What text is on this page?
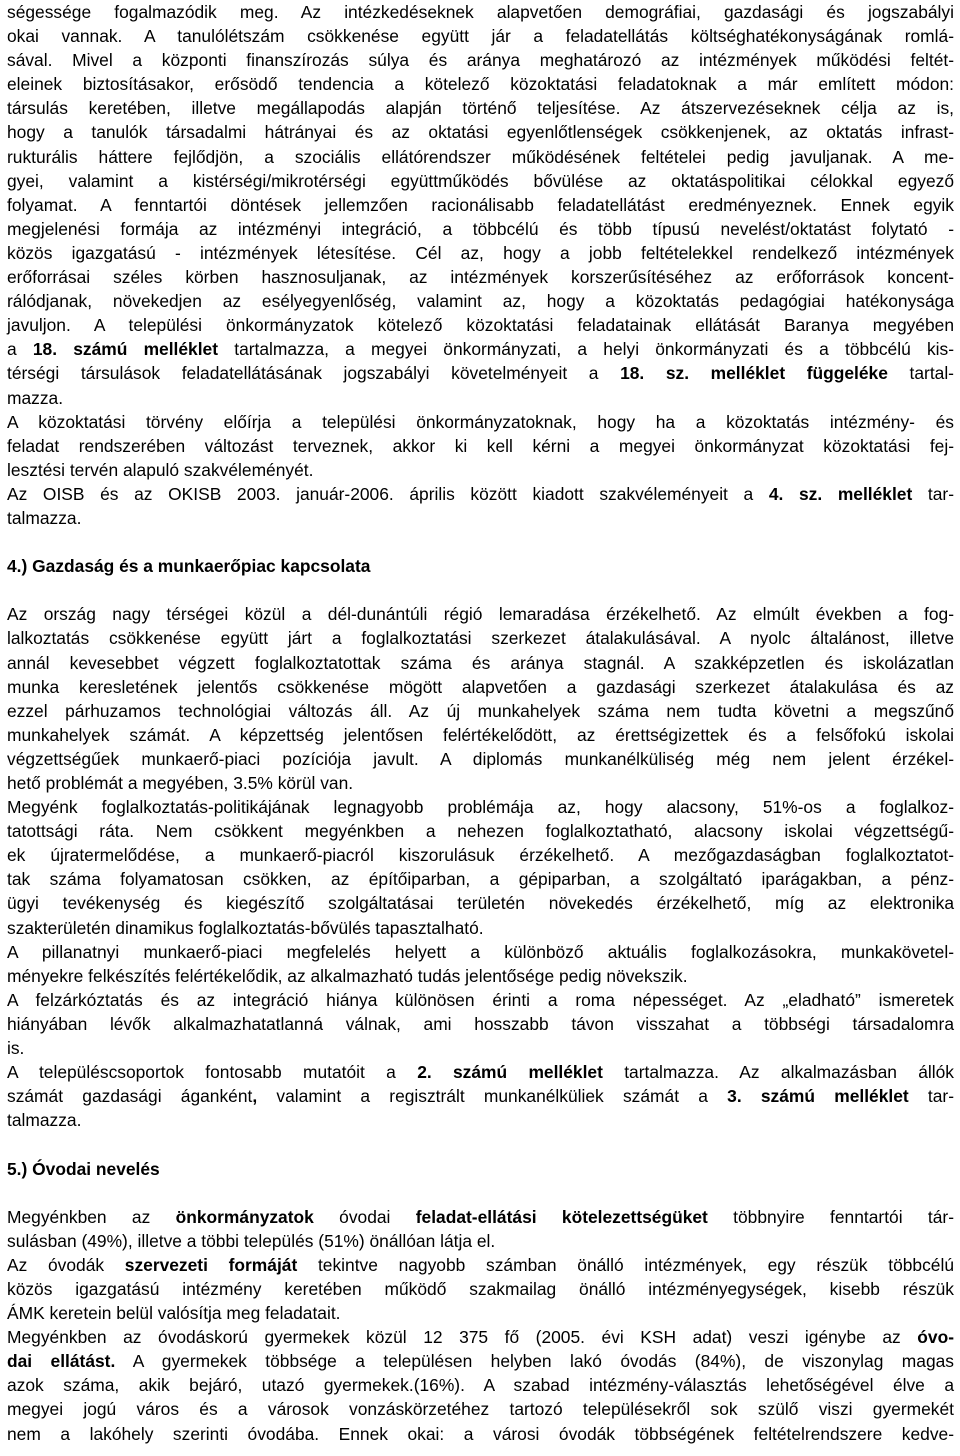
ségessége fogalmazódik meg. Az intézkedéseknek alapvetően demográfiai, gazdasági és jogszabályi
okai vannak. A tanulólétszám csökkenése együtt jár a feladatellátás költséghatékonyságának romlá-
sával. Mivel a központi finanszírozás súlya és aránya meghatározó az intézmények működési feltét-
eleinek biztosításakor, erősödő tendencia a kötelező közoktatási feladatoknak a már említett módon:
társulás keretében, illetve megállapodás alapján történő teljesítése. Az átszervezéseknek célja az is,
hogy a tanulók társadalmi hátrányai és az oktatási egyenlőtlenségek csökkenjenek, az oktatás infrast-
rukturális háttere fejlődjön, a szociális ellátórendszer működésének feltételei pedig javuljanak. A me-
gyei, valamint a kistérségi/mikrotérségi együttműködés bővülése az oktatáspolitikai célokkal egyező
folyamat. A fenntartói döntések jellemzően racionálisabb feladatellátást eredményeznek. Ennek egyik
megjelenési formája az intézményi integráció, a többcélú és több típusú nevelést/oktatást folytató -
közös igazgatású - intézmények létesítése. Cél az, hogy a jobb feltételekkel rendelkező intézmények
erőforrásai széles körben hasznosuljanak, az intézmények korszerűsítéséhez az erőforrások koncent-
rálódjanak, növekedjen az esélyegyenlőség, valamint az, hogy a közoktatás pedagógiai hatékonysága
javuljon. A települési önkormányzatok kötelező közoktatási feladatainak ellátását Baranya megyében
a 18. számú melléklet tartalmazza, a megyei önkormányzati, a helyi önkormányzati és a többcélú kis-
térségi társulások feladatellátásának jogszabályi követelményeit a 18. sz. melléklet függeléke tartal-
mazza.
A közoktatási törvény előírja a települési önkormányzatoknak, hogy ha a közoktatás intézmény- és
feladat rendszerében változást terveznek, akkor ki kell kérni a megyei önkormányzat közoktatási fej-
lesztési tervén alapuló szakvéleményét.
Az OISB és az OKISB 2003. január-2006. április között kiadott szakvéleményeit a 4. sz. melléklet tar-
talmazza.
4.) Gazdaság és a munkaerőpiac kapcsolata
Az ország nagy térségei közül a dél-dunántúli régió lemaradása érzékelhető. Az elmúlt években a fog-
lalkoztatás csökkenése együtt járt a foglalkoztatási szerkezet átalakulásával. A nyolc általánost, illetve
annál kevesebbet végzett foglalkoztatottak száma és aránya stagnál. A szakképzetlen és iskolázatlan
munka keresletének jelentős csökkenése mögött alapvetően a gazdasági szerkezet átalakulása és az
ezzel párhuzamos technológiai változás áll. Az új munkahelyek száma nem tudta követni a megszűnő
munkahelyek számát. A képzettség jelentősen felértékelődött, az érettségizettek és a felsőfokú iskolai
végzettségűek munkaerő-piaci pozíciója javult. A diplomás munkanélküliség még nem jelent érzékel-
hető problémát a megyében, 3.5% körül van.
Megyénk foglalkoztatás-politikájának legnagyobb problémája az, hogy alacsony, 51%-os a foglalkoz-
tatottsági ráta. Nem csökkent megyénkben a nehezen foglalkoztatható, alacsony iskolai végzettségű-
ek újratermelődése, a munkaerő-piacról kiszorulásuk érzékelhető. A mezőgazdaságban foglalkoztatot-
tak száma folyamatosan csökken, az építőiparban, a gépiparban, a szolgáltató iparágakban, a pénz-
ügyi tevékenység és kiegészítő szolgáltatásai területén növekedés érzékelhető, míg az elektronika
szakterületén dinamikus foglalkoztatás-bővülés tapasztalható.
A pillanatnyi munkaerő-piaci megfelelés helyett a különböző aktuális foglalkozásokra, munkakövetel-
ményekre felkészítés felértékelődik, az alkalmazható tudás jelentősége pedig növekszik.
A felzárkóztatás és az integráció hiánya különösen érinti a roma népességet. Az „eladható” ismeretek
hiányában lévők alkalmazhatatlanná válnak, ami hosszabb távon visszahat a többségi társadalomra
is.
A településcsoportok fontosabb mutatóit a 2. számú melléklet tartalmazza. Az alkalmazásban állók
számát gazdasági áganként, valamint a regisztrált munkanélküliek számát a 3. számú melléklet tar-
talmazza.
5.) Óvodai nevelés
Megyénkben az önkormányzatok óvodai feladat-ellátási kötelezettségüket többnyire fenntartói tár-
sulásban (49%), illetve a többi település (51%) önállóan látja el.
Az óvodák szervezeti formáját tekintve nagyobb számban önálló intézmények, egy részük többcélú
közös igazgatású intézmény keretében működő szakmailag önálló intézményegységek, kisebb részük
ÁMK keretein belül valósítja meg feladatait.
Megyénkben az óvodáskorú gyermekek közül 12 375 fő (2005. évi KSH adat) veszi igénybe az óvo-
dai ellátást. A gyermekek többsége a településen helyben lakó óvodás (84%), de viszonylag magas
azok száma, akik bejáró, utazó gyermekek.(16%). A szabad intézmény-választás lehetőségével élve a
megyei jogú város és a városok vonzáskörzetéhez tartozó településekről sok szülő viszi gyermekét
nem a lakóhely szerinti óvodába. Ennek okai: a városi óvodák többségének feltételrendszere kedve-
